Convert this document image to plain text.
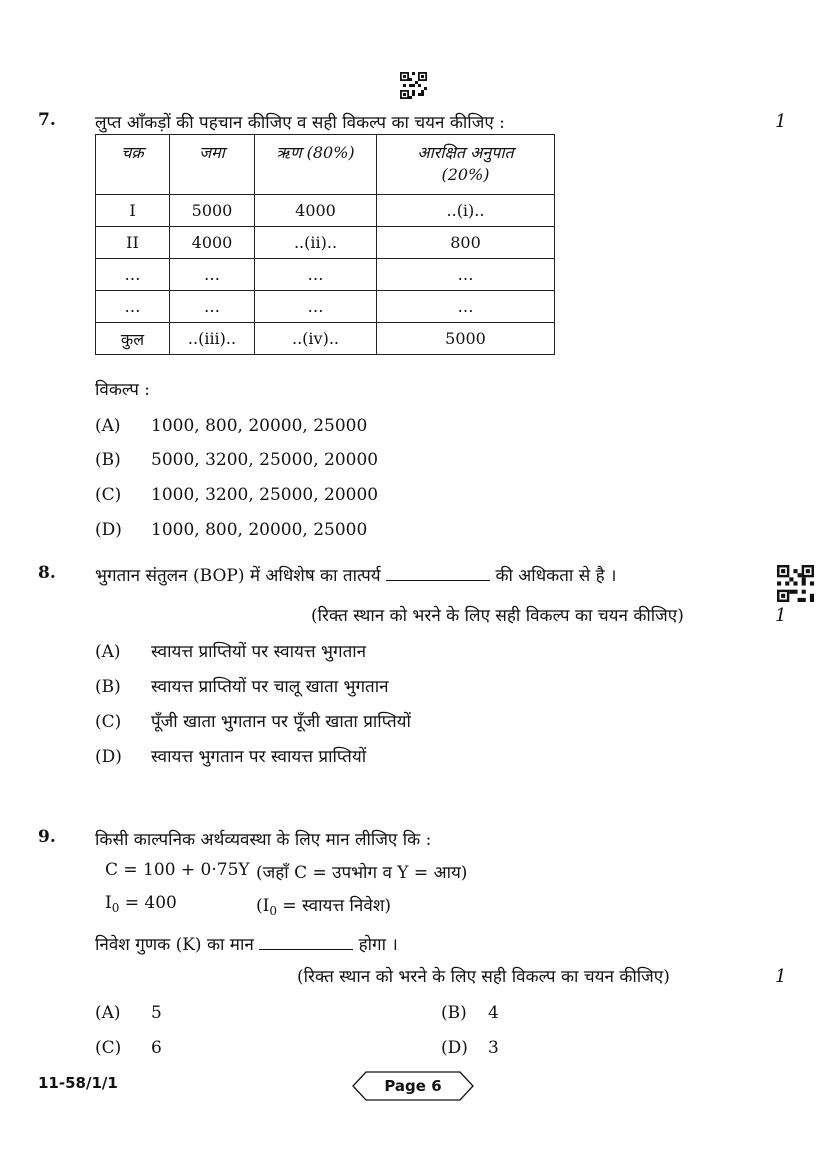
7. लुप्त आँकड़ों की पहचान कीजिए व सही विकल्प का चयन कीजिए :	1
चक्र	जमा	ऋण (80%)	आरक्षित अनुपात
(20%)

I	5000	4000	..(i)..
II	4000	..(ii)..	800
…	…	…	…
…	…	…	…
कुल	..(iii)..	..(iv)..	5000
विकल्प :
(A) 1000, 800, 20000, 25000
(B) 5000, 3200, 25000, 20000
(C) 1000, 3200, 25000, 20000
(D) 1000, 800, 20000, 25000
8. भुगतान संतुलन (BOP) में अधिशेष का तात्पर्य	की अधिकता से है ।
(रिक्त स्थान को भरने के लिए सही विकल्प का चयन कीजिए)	1
(A) स्वायत्त प्राप्तियों पर स्वायत्त भुगतान
(B) स्वायत्त प्राप्तियों पर चालू खाता भुगतान
(C) पूँजी खाता भुगतान पर पूँजी खाता प्राप्तियों
(D) स्वायत्त भुगतान पर स्वायत्त प्राप्तियों
9. किसी काल्पनिक अर्थव्यवस्था के लिए मान लीजिए कि :
C = 100 + 0·75Y (जहाँ C = उपभोग व Y = आय)
$I_0 = 400$	($I_0$ = स्वायत्त निवेश)
निवेश गुणक (K) का मान	होगा ।
(रिक्त स्थान को भरने के लिए सही विकल्प का चयन कीजिए)	1
(A) 5	(B) 4
(C) 6	(D) 3
11-58/1/1	Page 6
